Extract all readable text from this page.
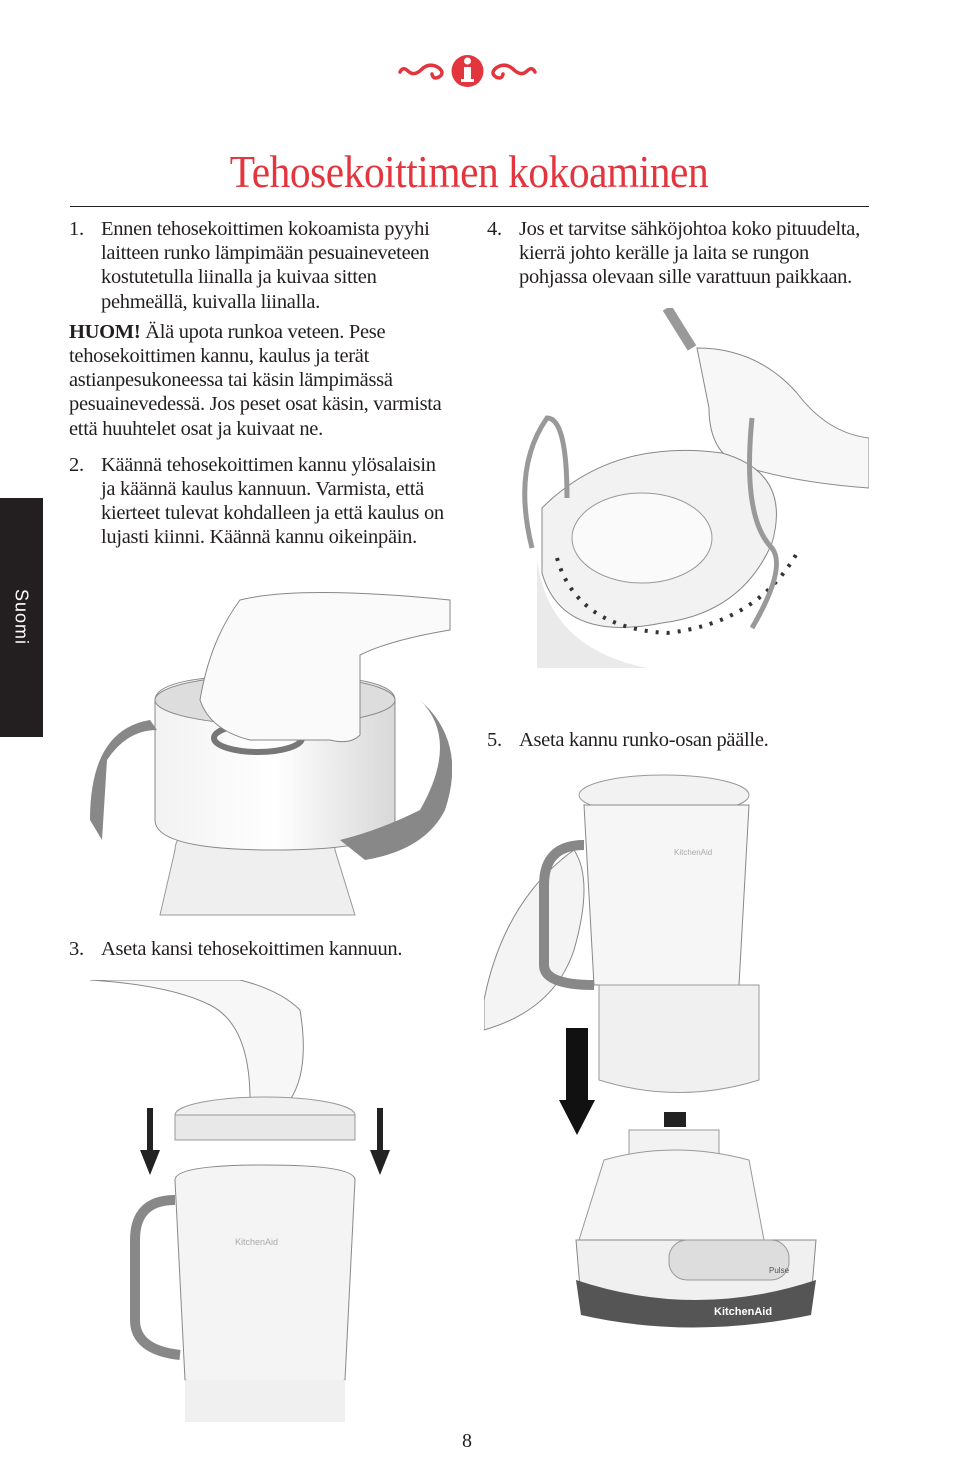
Tehosekoittimen kokoaminen
Suomi

1. Ennen tehosekoittimen kokoamista pyyhi laitteen runko lämpimään pesuaineveteen kostutetulla liinalla ja kuivaa sitten pehmeällä, kuivalla liinalla.

HUOM! Älä upota runkoa veteen. Pese tehosekoittimen kannu, kaulus ja terät astianpesukoneessa tai käsin lämpimässä pesuainevedessä. Jos peset osat käsin, varmista että huuhtelet osat ja kuivaat ne.

2. Käännä tehosekoittimen kannu ylösalaisin ja käännä kaulus kannuun. Varmista, että kierteet tulevat kohdalleen ja että kaulus on lujasti kiinni. Käännä kannu oikeinpäin.

3. Aseta kansi tehosekoittimen kannuun.

4. Jos et tarvitse sähköjohtoa koko pituudelta, kierrä johto kerälle ja laita se rungon pohjassa olevaan sille varattuun paikkaan.

5. Aseta kannu runko-osan päälle.

KitchenAid
KitchenAid
Pulse
KitchenAid
8
